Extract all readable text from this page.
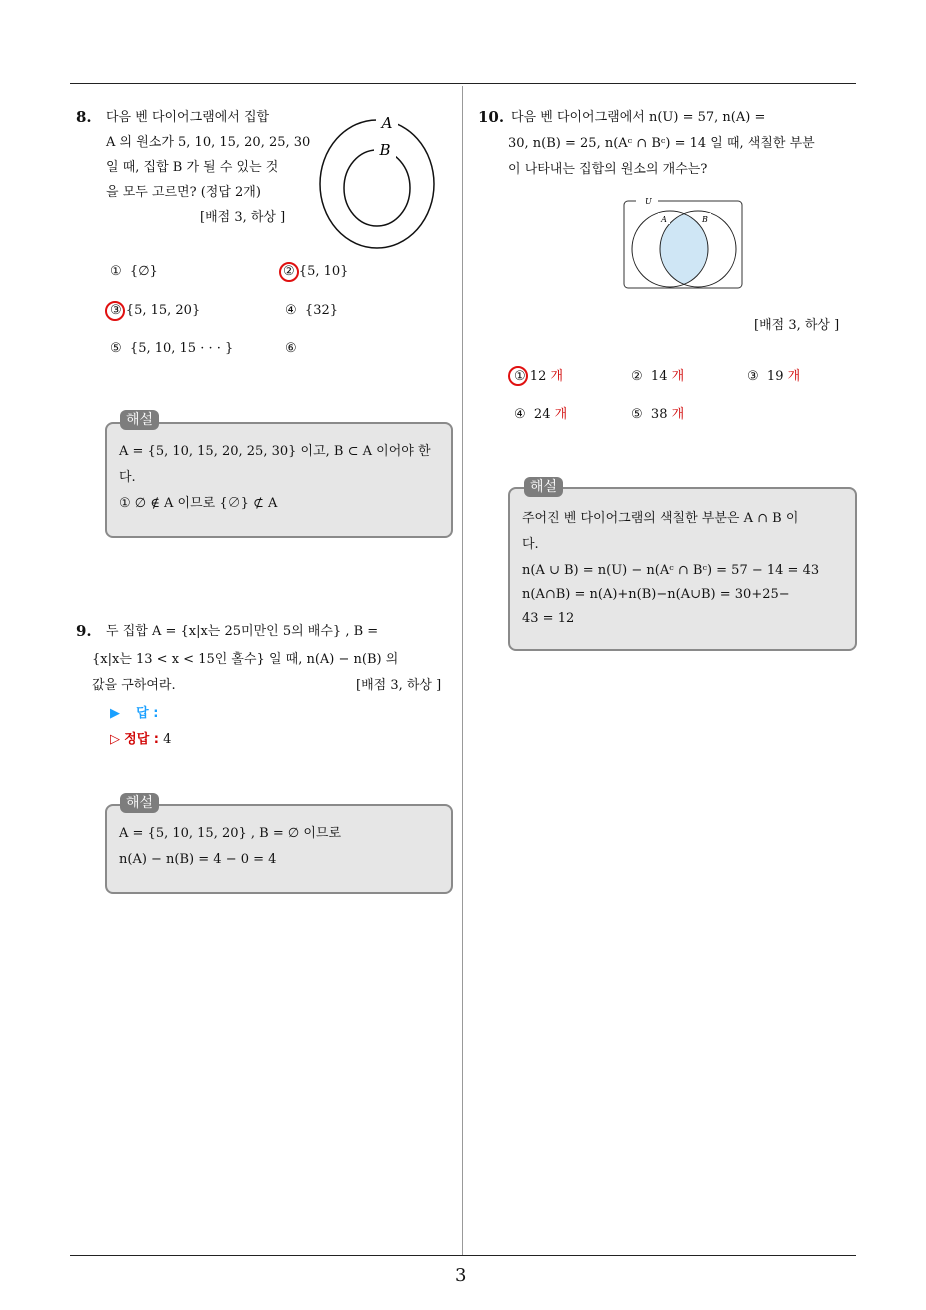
3
8. 다음 벤 다이어그램에서 집합
A 의 원소가 5, 10, 15, 20, 25, 30
일 때, 집합 B 가 될 수 있는 것
을 모두 고르면? (정답 2개)
[배점 3, 하상 ]
A
B
① {∅}	② {5, 10}
③ {5, 15, 20}	④ {32}
⑤ {5, 10, 15 · · · }	⑥
A = {5, 10, 15, 20, 25, 30} 이고, B ⊂ A 이어야 한
다.
① ∅ ∉ A 이므로 {∅} ⊄ A
해설
9. 두 집합 A = {x|x는 25미만인 5의 배수} , B =
{x|x는 13 < x < 15인 홀수} 일 때, n(A) − n(B) 의
값을 구하여라.	[배점 3, 하상 ]
▶ 답 :
▷ 정답 : 4
A = {5, 10, 15, 20} , B = ∅ 이므로
n(A) − n(B) = 4 − 0 = 4
해설
10. 다음 벤 다이어그램에서 n(U) = 57, n(A) =
30, n(B) = 25, n(Aᶜ ∩ Bᶜ) = 14 일 때, 색칠한 부분
이 나타내는 집합의 원소의 개수는?
U
A	B
[배점 3, 하상 ]
① 12 개	② 14 개	③ 19 개
④ 24 개	⑤ 38 개
주어진 벤 다이어그램의 색칠한 부분은 A ∩ B 이
다.
n(A ∪ B) = n(U) − n(Aᶜ ∩ Bᶜ) = 57 − 14 = 43
n(A∩B) = n(A)+n(B)−n(A∪B) = 30+25−
43 = 12
해설
